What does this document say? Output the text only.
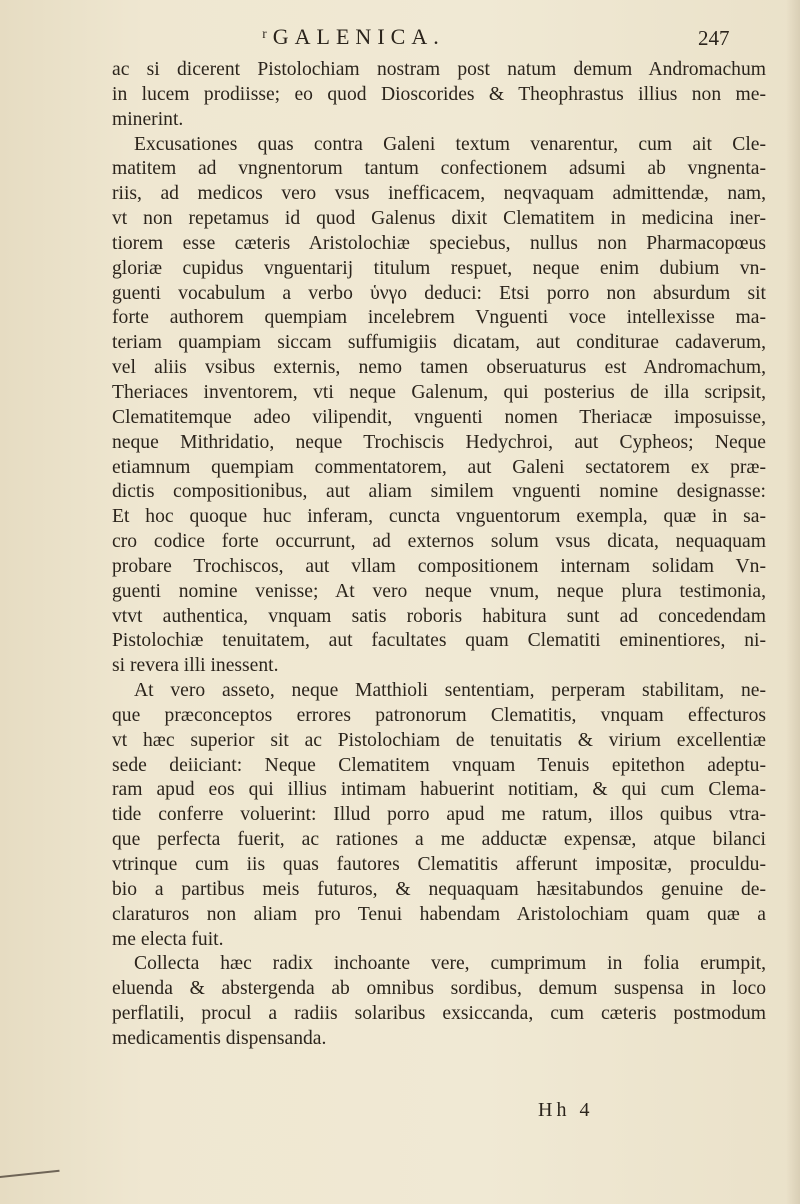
ʳGALENICA.	247
ac si dicerent Pistolochiam nostram post natum demum Andromachum
in lucem prodiisse; eo quod Dioscorides & Theophrastus illius non me-
minerint.
Excusationes quas contra Galeni textum venarentur, cum ait Cle-
matitem ad vngnentorum tantum confectionem adsumi ab vngnenta-
riis, ad medicos vero vsus inefficacem, neqvaquam admittendæ, nam,
vt non repetamus id quod Galenus dixit Clematitem in medicina iner-
tiorem esse cæteris Aristolochiæ speciebus, nullus non Pharmacopœus
gloriæ cupidus vnguentarij titulum respuet, neque enim dubium vn-
guenti vocabulum a verbo ὑνγο deduci: Etsi porro non absurdum sit
forte authorem quempiam incelebrem Vnguenti voce intellexisse ma-
teriam quampiam siccam suffumigiis dicatam, aut conditurae cadaverum,
vel aliis vsibus externis, nemo tamen obseruaturus est Andromachum,
Theriaces inventorem, vti neque Galenum, qui posterius de illa scripsit,
Clematitemque adeo vilipendit, vnguenti nomen Theriacæ imposuisse,
neque Mithridatio, neque Trochiscis Hedychroi, aut Cypheos; Neque
etiamnum quempiam commentatorem, aut Galeni sectatorem ex præ-
dictis compositionibus, aut aliam similem vnguenti nomine designasse:
Et hoc quoque huc inferam, cuncta vnguentorum exempla, quæ in sa-
cro codice forte occurrunt, ad externos solum vsus dicata, nequaquam
probare Trochiscos, aut vllam compositionem internam solidam Vn-
guenti nomine venisse; At vero neque vnum, neque plura testimonia,
vtvt authentica, vnquam satis roboris habitura sunt ad concedendam
Pistolochiæ tenuitatem, aut facultates quam Clematiti eminentiores, ni-
si revera illi inessent.
At vero asseto, neque Matthioli sententiam, perperam stabilitam, ne-
que præconceptos errores patronorum Clematitis, vnquam effecturos
vt hæc superior sit ac Pistolochiam de tenuitatis & virium excellentiæ
sede deiiciant: Neque Clematitem vnquam Tenuis epitethon adeptu-
ram apud eos qui illius intimam habuerint notitiam, & qui cum Clema-
tide conferre voluerint: Illud porro apud me ratum, illos quibus vtra-
que perfecta fuerit, ac rationes a me adductæ expensæ, atque bilanci
vtrinque cum iis quas fautores Clematitis afferunt impositæ, proculdu-
bio a partibus meis futuros, & nequaquam hæsitabundos genuine de-
claraturos non aliam pro Tenui habendam Aristolochiam quam quæ a
me electa fuit.
Collecta hæc radix inchoante vere, cumprimum in folia erumpit,
eluenda & abstergenda ab omnibus sordibus, demum suspensa in loco
perflatili, procul a radiis solaribus exsiccanda, cum cæteris postmodum
medicamentis dispensanda.
Hh 4
